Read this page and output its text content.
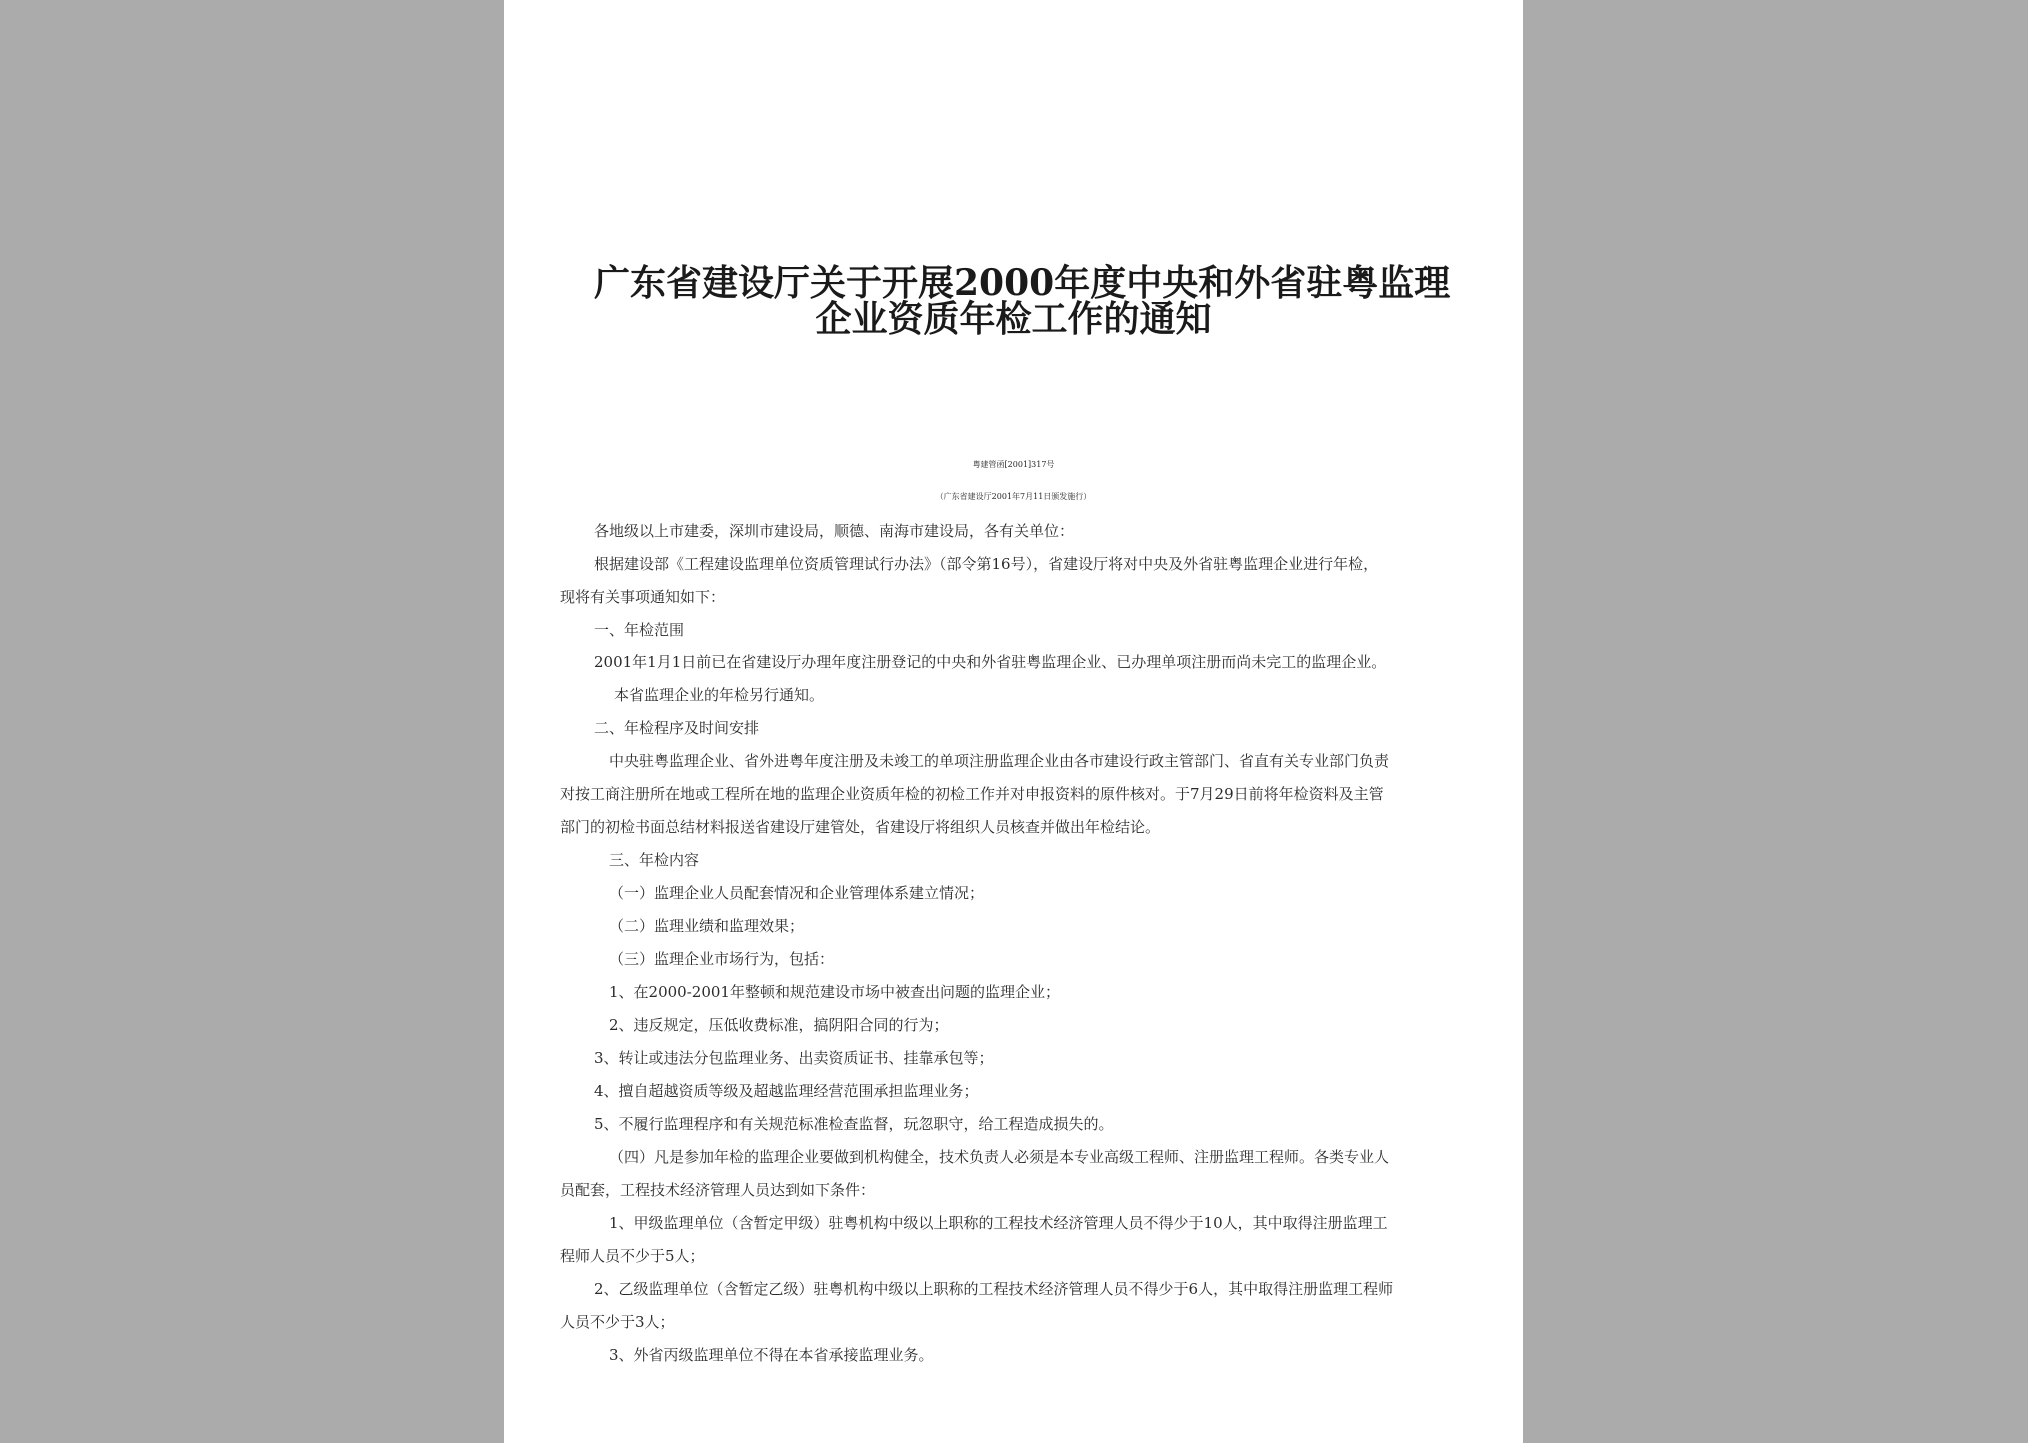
广东省建设厅关于开展2000年度中央和外省驻粤监理
企业资质年检工作的通知
粤建管函[2001]317号
（广东省建设厅2001年7月11日颁发施行）
各地级以上市建委，深圳市建设局，顺德、南海市建设局，各有关单位：
根据建设部《工程建设监理单位资质管理试行办法》（部令第16号），省建设厅将对中央及外省驻粤监理企业进行年检，
现将有关事项通知如下：
一、年检范围
2001年1月1日前已在省建设厅办理年度注册登记的中央和外省驻粤监理企业、已办理单项注册而尚未完工的监理企业。
本省监理企业的年检另行通知。
二、年检程序及时间安排
中央驻粤监理企业、省外进粤年度注册及未竣工的单项注册监理企业由各市建设行政主管部门、省直有关专业部门负责
对按工商注册所在地或工程所在地的监理企业资质年检的初检工作并对申报资料的原件核对。于7月29日前将年检资料及主管
部门的初检书面总结材料报送省建设厅建管处，省建设厅将组织人员核查并做出年检结论。
三、年检内容
（一）监理企业人员配套情况和企业管理体系建立情况；
（二）监理业绩和监理效果；
（三）监理企业市场行为，包括：
1、在2000-2001年整顿和规范建设市场中被查出问题的监理企业；
2、违反规定，压低收费标准，搞阴阳合同的行为；
3、转让或违法分包监理业务、出卖资质证书、挂靠承包等；
4、擅自超越资质等级及超越监理经营范围承担监理业务；
5、不履行监理程序和有关规范标准检查监督，玩忽职守，给工程造成损失的。
（四）凡是参加年检的监理企业要做到机构健全，技术负责人必须是本专业高级工程师、注册监理工程师。各类专业人
员配套，工程技术经济管理人员达到如下条件：
1、甲级监理单位（含暂定甲级）驻粤机构中级以上职称的工程技术经济管理人员不得少于10人，其中取得注册监理工
程师人员不少于5人；
2、乙级监理单位（含暂定乙级）驻粤机构中级以上职称的工程技术经济管理人员不得少于6人，其中取得注册监理工程师
人员不少于3人；
3、外省丙级监理单位不得在本省承接监理业务。
